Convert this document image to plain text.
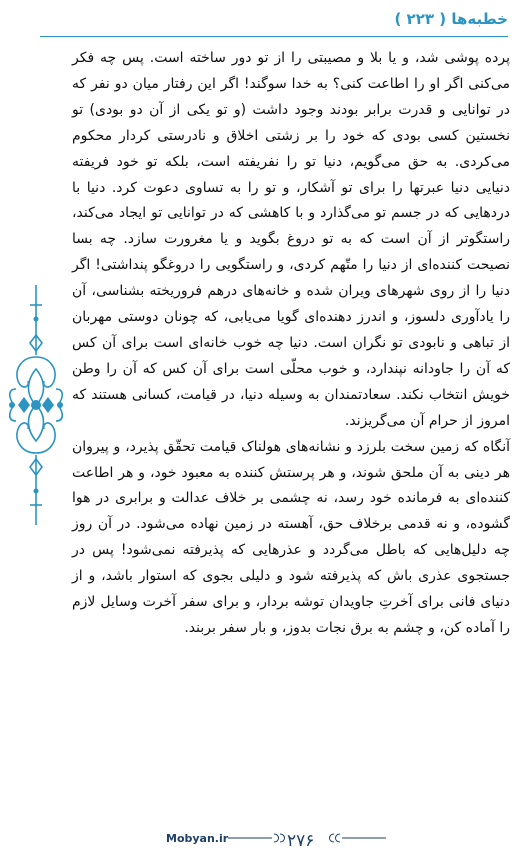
خطبه‌ها ( ۲۲۳ )

پرده پوشی شد، و یا بلا و مصیبتی را از تو دور ساخته است. پس چه فکر می‌کنی اگر او را اطاعت کنی؟ به خدا سوگند! اگر این رفتار میان دو نفر که در توانایی و قدرت برابر بودند وجود داشت (و تو یکی از آن دو بودی) تو نخستین کسی بودی که خود را بر زشتی اخلاق و نادرستی کردار محکوم می‌کردی. به حق می‌گویم، دنیا تو را نفریفته است، بلکه تو خود فریفته دنیایی دنیا عبرتها را برای تو آشکار، و تو را به تساوی دعوت کرد. دنیا با دردهایی که در جسم تو می‌گذارد و با کاهشی که در توانایی تو ایجاد می‌کند، راستگوتر از آن است که به تو دروغ بگوید و یا مغرورت سازد. چه بسا نصیحت کننده‌ای از دنیا را متّهم کردی، و راستگویی را دروغگو پنداشتی! اگر دنیا را از روی شهرهای ویران شده و خانه‌های درهم فروریخته بشناسی، آن را یادآوری دلسوز، و اندرز دهنده‌ای گویا می‌یابی، که چونان دوستی مهربان از تباهی و نابودی تو نگران است. دنیا چه خوب خانه‌ای است برای آن کس که آن را جاودانه نپندارد، و خوب محلّی است برای آن کس که آن را وطن خویش انتخاب نکند. سعادتمندان به وسیله دنیا، در قیامت، کسانی هستند که امروز از حرام آن می‌گریزند.

آنگاه که زمین سخت بلرزد و نشانه‌های هولناک قیامت تحقّق پذیرد، و پیروان هر دینی به آن ملحق شوند، و هر پرستش کننده به معبود خود، و هر اطاعت کننده‌ای به فرمانده خود رسد، نه چشمی بر خلاف عدالت و برابری در هوا گشوده، و نه قدمی برخلاف حق، آهسته در زمین نهاده می‌شود. در آن روز چه دلیل‌هایی که باطل می‌گردد و عذرهایی که پذیرفته نمی‌شود! پس در جستجوی عذری باش که پذیرفته شود و دلیلی بجوی که استوار باشد، و از دنیای فانی برای آخرتِ جاویدان توشه بردار، و برای سفر آخرت وسایل لازم را آماده کن، و چشم به برق نجات بدوز، و بار سفر بربند.

Mobyan.ir	۲۷۶
